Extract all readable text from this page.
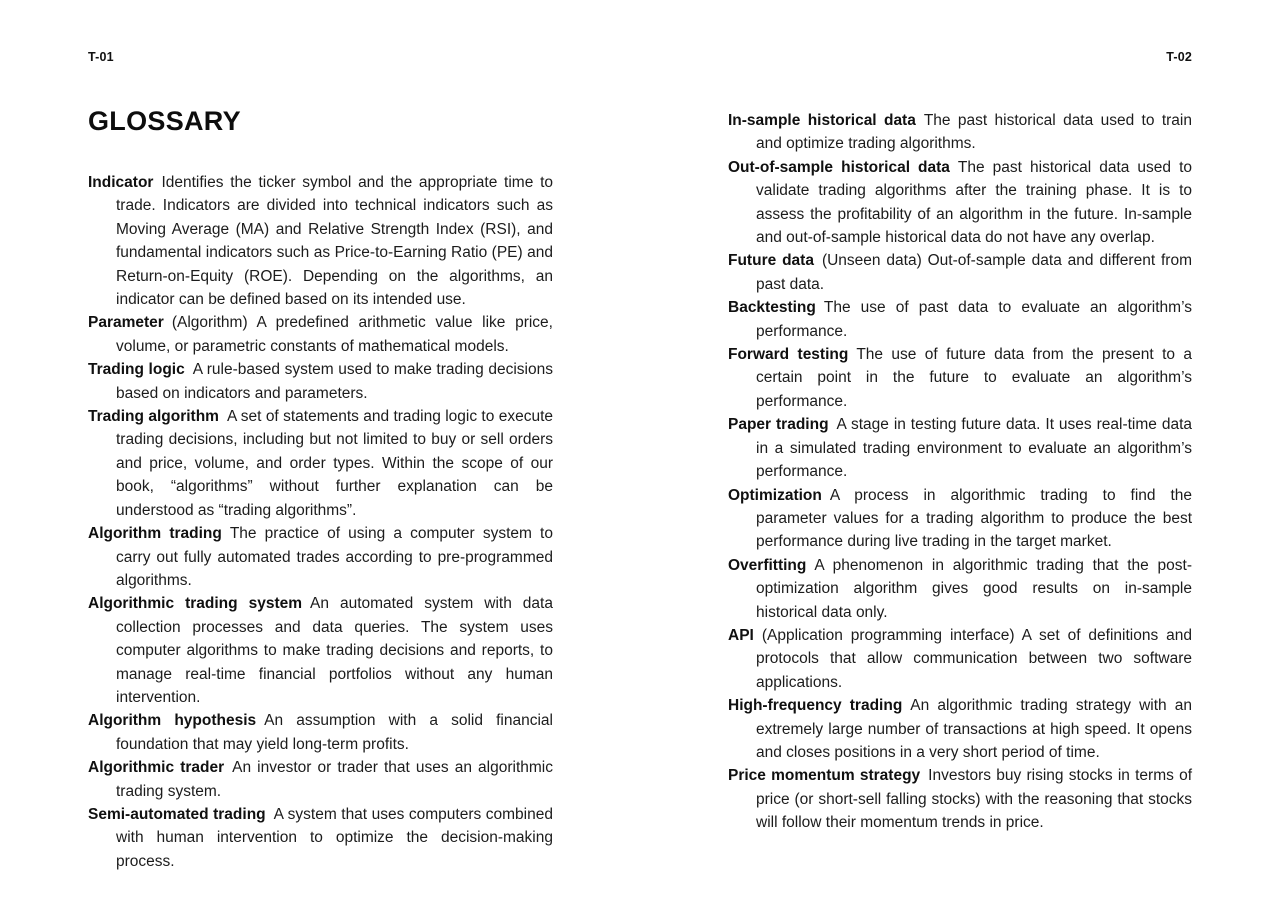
T-01
GLOSSARY
Indicator Identifies the ticker symbol and the appropriate time to trade. Indicators are divided into technical indicators such as Moving Average (MA) and Relative Strength Index (RSI), and fundamental indicators such as Price-to-Earning Ratio (PE) and Return-on-Equity (ROE). Depending on the algorithms, an indicator can be defined based on its intended use.
Parameter (Algorithm) A predefined arithmetic value like price, volume, or parametric constants of mathematical models.
Trading logic A rule-based system used to make trading decisions based on indicators and parameters.
Trading algorithm A set of statements and trading logic to execute trading decisions, including but not limited to buy or sell orders and price, volume, and order types. Within the scope of our book, “algorithms” without further explanation can be understood as “trading algorithms”.
Algorithm trading The practice of using a computer system to carry out fully automated trades according to pre-programmed algorithms.
Algorithmic trading system An automated system with data collection processes and data queries. The system uses computer algorithms to make trading decisions and reports, to manage real-time financial portfolios without any human intervention.
Algorithm hypothesis An assumption with a solid financial foundation that may yield long-term profits.
Algorithmic trader An investor or trader that uses an algorithmic trading system.
Semi-automated trading A system that uses computers combined with human intervention to optimize the decision-making process.
T-02
In-sample historical data The past historical data used to train and optimize trading algorithms.
Out-of-sample historical data The past historical data used to validate trading algorithms after the training phase. It is to assess the profitability of an algorithm in the future. In-sample and out-of-sample historical data do not have any overlap.
Future data (Unseen data) Out-of-sample data and different from past data.
Backtesting The use of past data to evaluate an algorithm’s performance.
Forward testing The use of future data from the present to a certain point in the future to evaluate an algorithm’s performance.
Paper trading A stage in testing future data. It uses real-time data in a simulated trading environment to evaluate an algorithm’s performance.
Optimization A process in algorithmic trading to find the parameter values for a trading algorithm to produce the best performance during live trading in the target market.
Overfitting A phenomenon in algorithmic trading that the post-optimization algorithm gives good results on in-sample historical data only.
API (Application programming interface) A set of definitions and protocols that allow communication between two software applications.
High-frequency trading An algorithmic trading strategy with an extremely large number of transactions at high speed. It opens and closes positions in a very short period of time.
Price momentum strategy Investors buy rising stocks in terms of price (or short-sell falling stocks) with the reasoning that stocks will follow their momentum trends in price.
